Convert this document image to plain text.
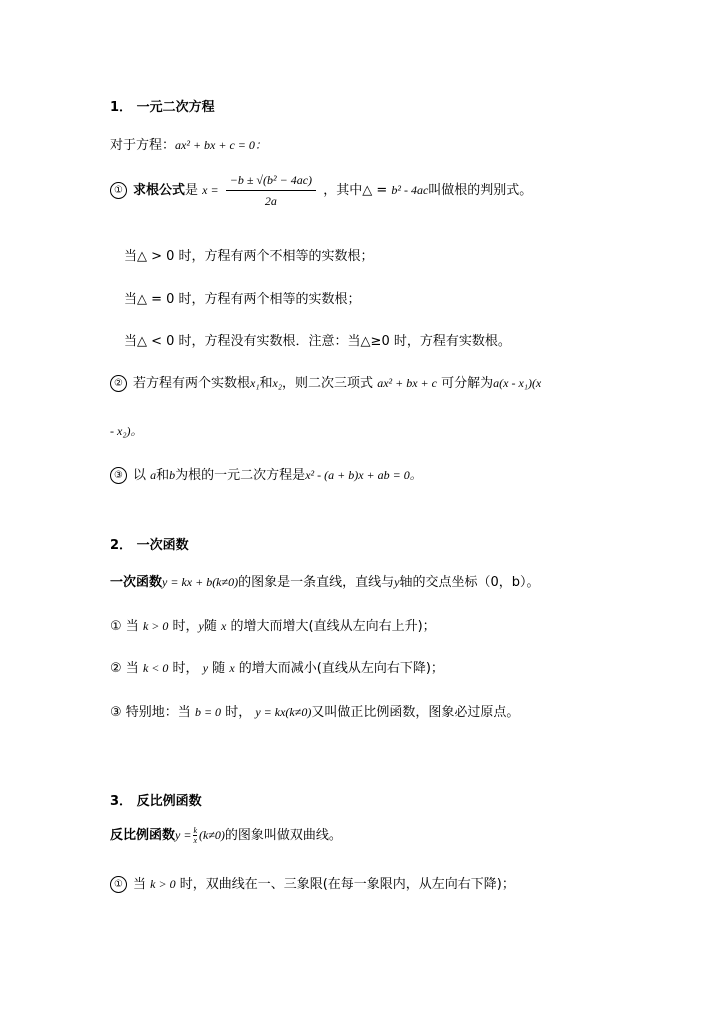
1． 一元二次方程
对于方程：ax² + bx + c = 0：
① 求根公式是 $x = \frac{\text{−b ± √(b² − 4ac)}}{2a}$ ，其中△ = b² - 4ac叫做根的判别式。
当△ > 0 时，方程有两个不相等的实数根；
当△ = 0 时，方程有两个相等的实数根；
当△ < 0 时，方程没有实数根．注意：当△≥0 时，方程有实数根。
② 若方程有两个实数根x₁和x₂，则二次三项式 ax² + bx + c 可分解为a(x - x₁)(x
- x₂)。
③ 以 a和b为根的一元二次方程是x² - (a + b)x + ab = 0。
2． 一次函数
一次函数y = kx + b(k≠0)的图象是一条直线，直线与y轴的交点坐标（0，b）。
① 当 k > 0 时，y随 x 的增大而增大(直线从左向右上升)；
② 当 k < 0 时， y 随 x 的增大而减小(直线从左向右下降)；
③ 特别地：当 b = 0 时， y = kx(k≠0)又叫做正比例函数，图象必过原点。
3． 反比例函数
反比例函数$y = \frac{k}{x} (k\ne 0)$的图象叫做双曲线。
① 当 k > 0 时，双曲线在一、三象限(在每一象限内，从左向右下降)；
